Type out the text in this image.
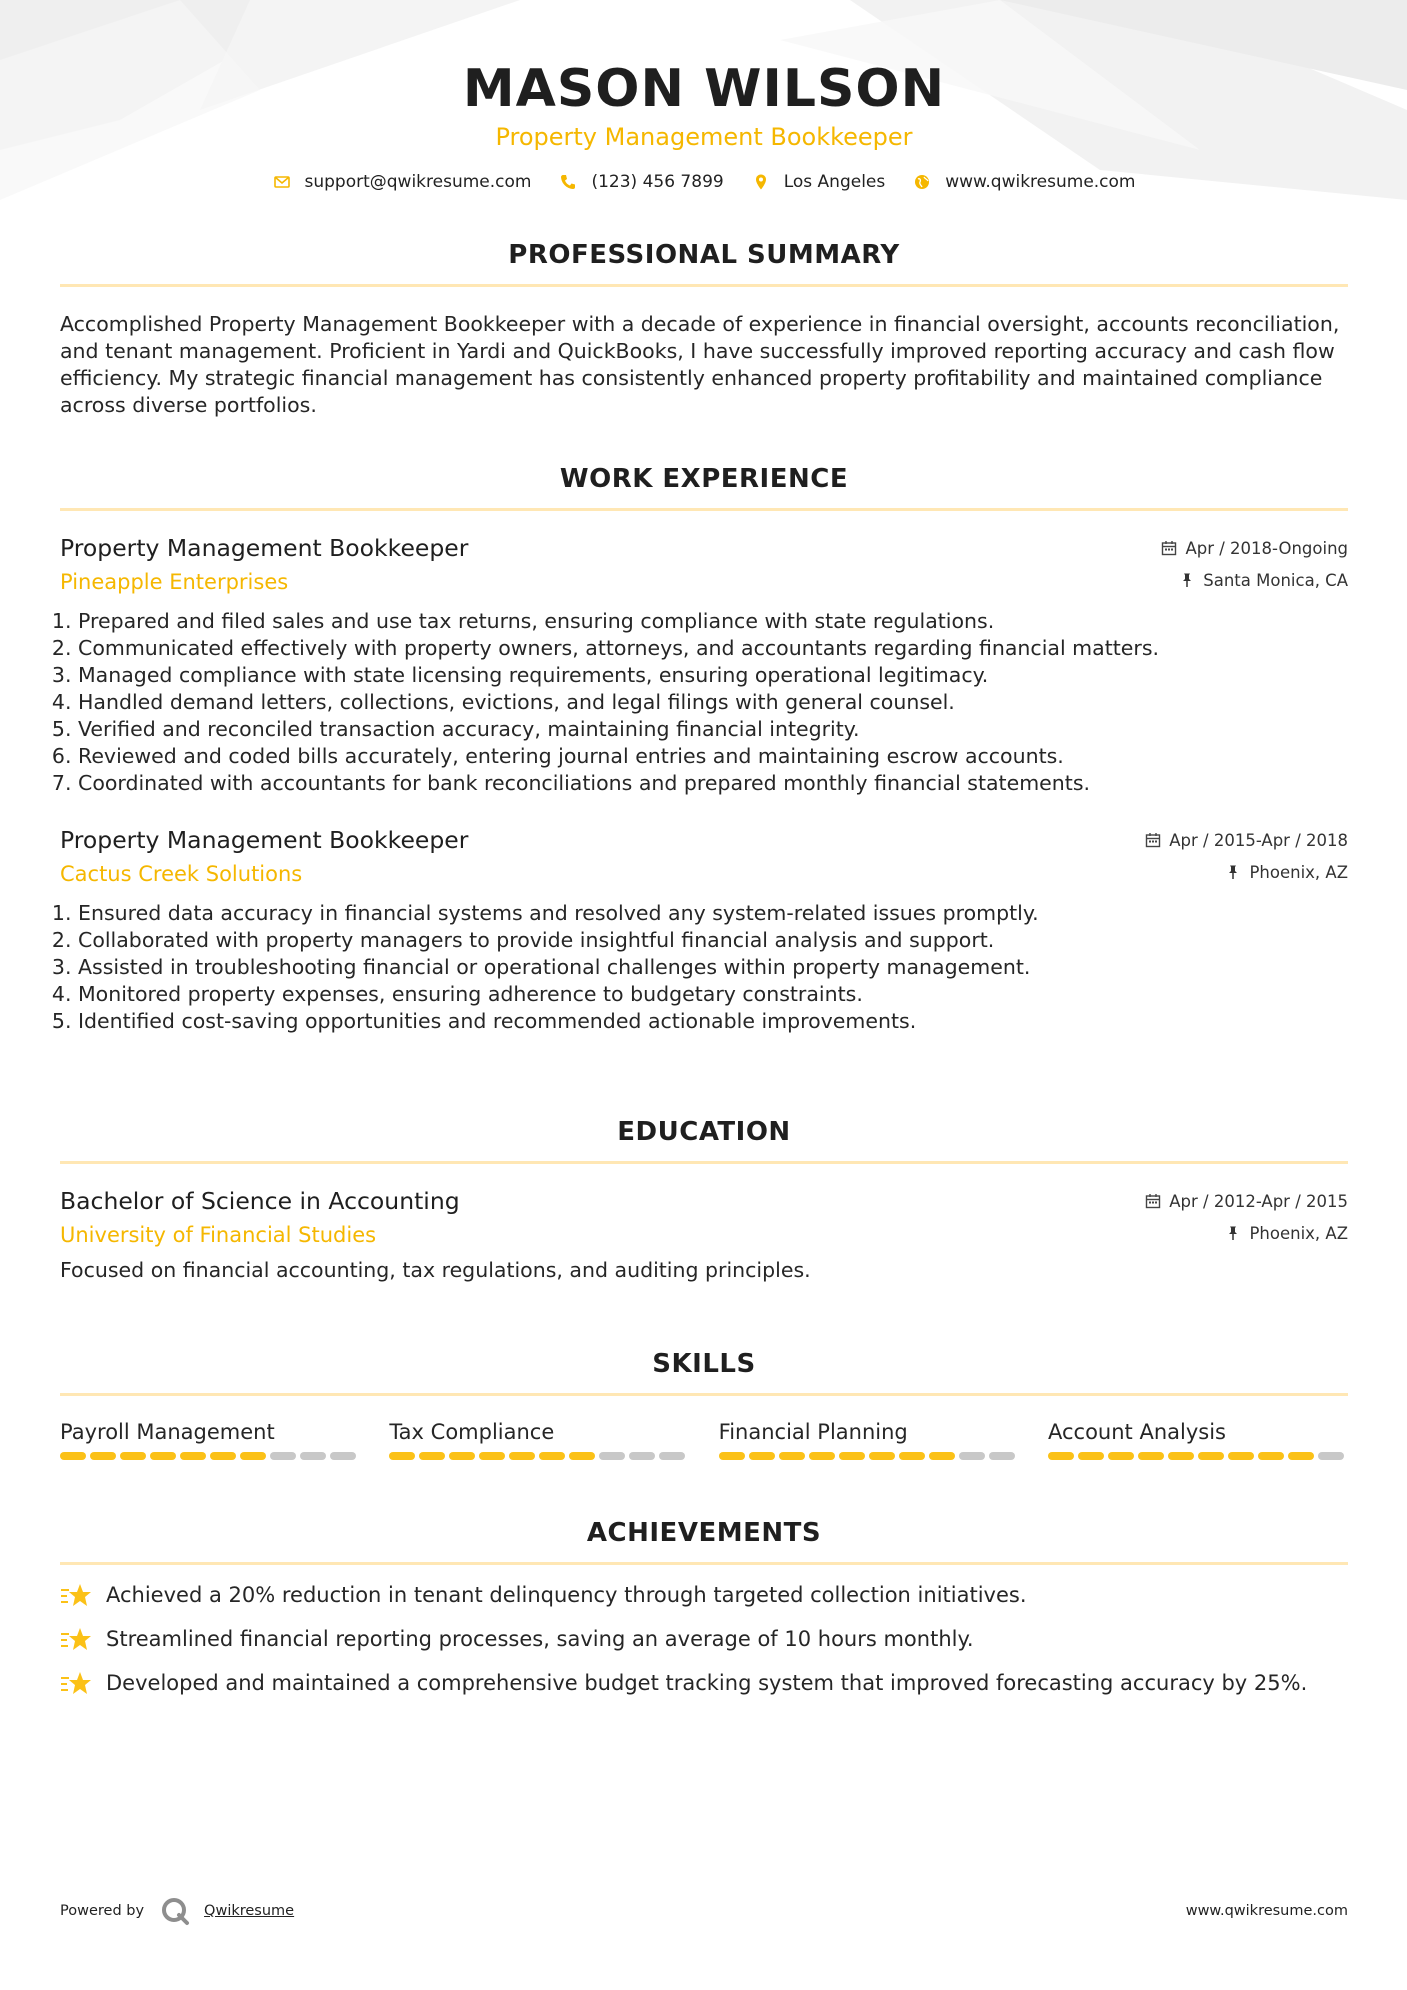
MASON WILSON
Property Management Bookkeeper
support@qwikresume.com	(123) 456 7899	Los Angeles	www.qwikresume.com
PROFESSIONAL SUMMARY
Accomplished Property Management Bookkeeper with a decade of experience in financial oversight, accounts reconciliation, and tenant management. Proficient in Yardi and QuickBooks, I have successfully improved reporting accuracy and cash flow efficiency. My strategic financial management has consistently enhanced property profitability and maintained compliance across diverse portfolios.
WORK EXPERIENCE
Property Management Bookkeeper
Pineapple Enterprises
Apr / 2018-Ongoing
Santa Monica, CA
1. Prepared and filed sales and use tax returns, ensuring compliance with state regulations.
2. Communicated effectively with property owners, attorneys, and accountants regarding financial matters.
3. Managed compliance with state licensing requirements, ensuring operational legitimacy.
4. Handled demand letters, collections, evictions, and legal filings with general counsel.
5. Verified and reconciled transaction accuracy, maintaining financial integrity.
6. Reviewed and coded bills accurately, entering journal entries and maintaining escrow accounts.
7. Coordinated with accountants for bank reconciliations and prepared monthly financial statements.
Property Management Bookkeeper
Cactus Creek Solutions
Apr / 2015-Apr / 2018
Phoenix, AZ
1. Ensured data accuracy in financial systems and resolved any system-related issues promptly.
2. Collaborated with property managers to provide insightful financial analysis and support.
3. Assisted in troubleshooting financial or operational challenges within property management.
4. Monitored property expenses, ensuring adherence to budgetary constraints.
5. Identified cost-saving opportunities and recommended actionable improvements.
EDUCATION
Bachelor of Science in Accounting
University of Financial Studies
Apr / 2012-Apr / 2015
Phoenix, AZ
Focused on financial accounting, tax regulations, and auditing principles.
SKILLS
Payroll Management	Tax Compliance	Financial Planning	Account Analysis
ACHIEVEMENTS
Achieved a 20% reduction in tenant delinquency through targeted collection initiatives.
Streamlined financial reporting processes, saving an average of 10 hours monthly.
Developed and maintained a comprehensive budget tracking system that improved forecasting accuracy by 25%.
Powered by	Qwikresume	www.qwikresume.com
